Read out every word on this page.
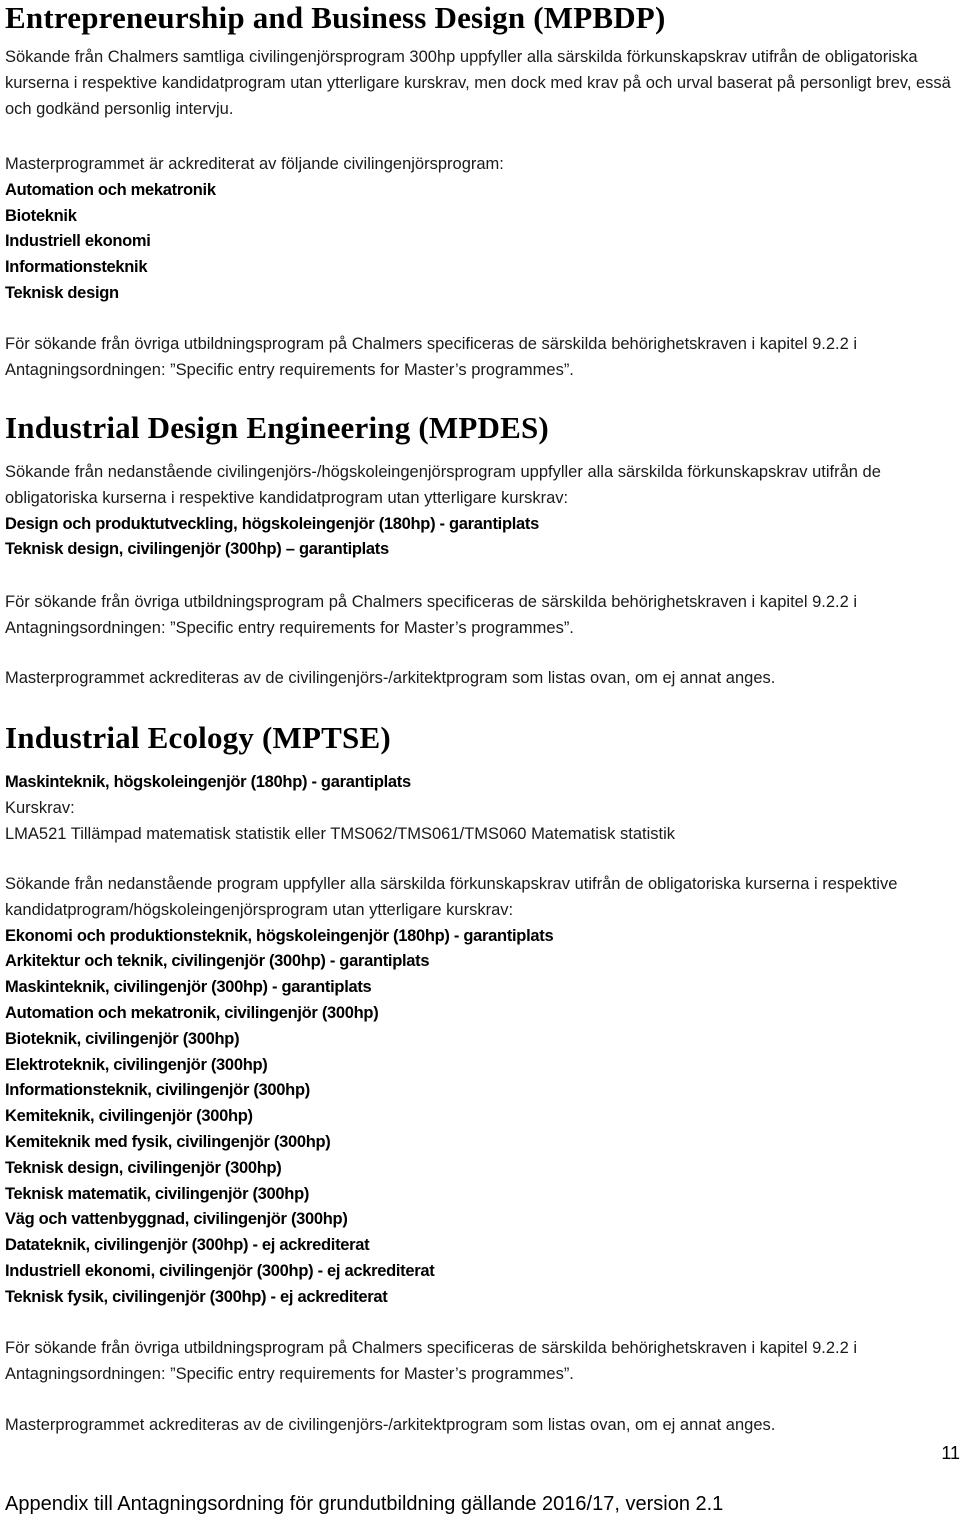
Entrepreneurship and Business Design (MPBDP)

Sökande från Chalmers samtliga civilingenjörsprogram 300hp uppfyller alla särskilda förkunskapskrav utifrån de obligatoriska kurserna i respektive kandidatprogram utan ytterligare kurskrav, men dock med krav på och urval baserat på personligt brev, essä och godkänd personlig intervju.

Masterprogrammet är ackrediterat av följande civilingenjörsprogram:

Automation och mekatronik
Bioteknik
Industriell ekonomi
Informationsteknik
Teknisk design

För sökande från övriga utbildningsprogram på Chalmers specificeras de särskilda behörighetskraven i kapitel 9.2.2 i Antagningsordningen: ”Specific entry requirements for Master’s programmes”.

Industrial Design Engineering (MPDES)

Sökande från nedanstående civilingenjörs-/högskoleingenjörsprogram uppfyller alla särskilda förkunskapskrav utifrån de obligatoriska kurserna i respektive kandidatprogram utan ytterligare kurskrav:

Design och produktutveckling, högskoleingenjör (180hp) - garantiplats
Teknisk design, civilingenjör (300hp) – garantiplats

För sökande från övriga utbildningsprogram på Chalmers specificeras de särskilda behörighetskraven i kapitel 9.2.2 i Antagningsordningen: ”Specific entry requirements for Master’s programmes”.

Masterprogrammet ackrediteras av de civilingenjörs-/arkitektprogram som listas ovan, om ej annat anges.

Industrial Ecology (MPTSE)

Maskinteknik, högskoleingenjör (180hp) - garantiplats

Kurskrav:

LMA521 Tillämpad matematisk statistik eller TMS062/TMS061/TMS060 Matematisk statistik

Sökande från nedanstående program uppfyller alla särskilda förkunskapskrav utifrån de obligatoriska kurserna i respektive kandidatprogram/högskoleingenjörsprogram utan ytterligare kurskrav:

Ekonomi och produktionsteknik, högskoleingenjör (180hp) - garantiplats
Arkitektur och teknik, civilingenjör (300hp) - garantiplats
Maskinteknik, civilingenjör (300hp) - garantiplats
Automation och mekatronik, civilingenjör (300hp)
Bioteknik, civilingenjör (300hp)
Elektroteknik, civilingenjör (300hp)
Informationsteknik, civilingenjör (300hp)
Kemiteknik, civilingenjör (300hp)
Kemiteknik med fysik, civilingenjör (300hp)
Teknisk design, civilingenjör (300hp)
Teknisk matematik, civilingenjör (300hp)
Väg och vattenbyggnad, civilingenjör (300hp)
Datateknik, civilingenjör (300hp) - ej ackrediterat
Industriell ekonomi, civilingenjör (300hp) - ej ackrediterat
Teknisk fysik, civilingenjör (300hp) - ej ackrediterat

För sökande från övriga utbildningsprogram på Chalmers specificeras de särskilda behörighetskraven i kapitel 9.2.2 i Antagningsordningen: ”Specific entry requirements for Master’s programmes”.

Masterprogrammet ackrediteras av de civilingenjörs-/arkitektprogram som listas ovan, om ej annat anges.

11
Appendix till Antagningsordning för grundutbildning gällande 2016/17, version 2.1
